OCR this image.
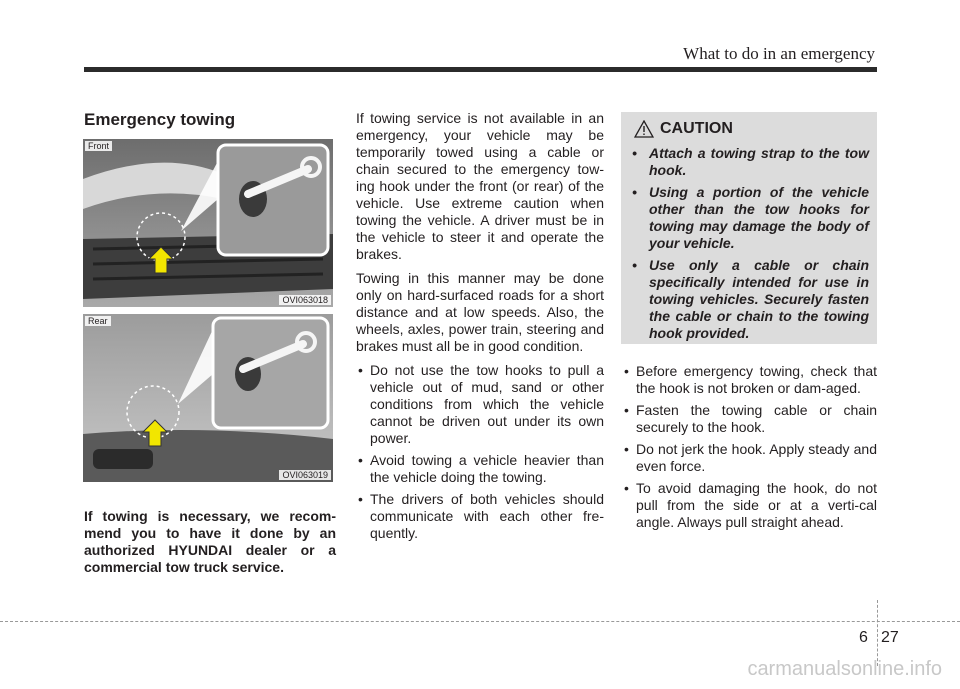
What to do in an emergency
Emergency towing
Front
OVI063018
Rear
OVI063019
If towing is necessary, we recom-mend you to have it done by an authorized HYUNDAI dealer or a commercial tow truck service.

If towing service is not available in an emergency, your vehicle may be temporarily towed using a cable or chain secured to the emergency tow-ing hook under the front (or rear) of the vehicle. Use extreme caution when towing the vehicle. A driver must be in the vehicle to steer it and operate the brakes.

Towing in this manner may be done only on hard-surfaced roads for a short distance and at low speeds. Also, the wheels, axles, power train, steering and brakes must all be in good condition.

• Do not use the tow hooks to pull a vehicle out of mud, sand or other conditions from which the vehicle cannot be driven out under its own power.
• Avoid towing a vehicle heavier than the vehicle doing the towing.
• The drivers of both vehicles should communicate with each other fre-quently.
CAUTION
• Attach a towing strap to the tow hook.
• Using a portion of the vehicle other than the tow hooks for towing may damage the body of your vehicle.
• Use only a cable or chain specifically intended for use in towing vehicles. Securely fasten the cable or chain to the towing hook provided.
• Before emergency towing, check that the hook is not broken or dam-aged.
• Fasten the towing cable or chain securely to the hook.
• Do not jerk the hook. Apply steady and even force.
• To avoid damaging the hook, do not pull from the side or at a verti-cal angle. Always pull straight ahead.
6 27
carmanualsonline.info
